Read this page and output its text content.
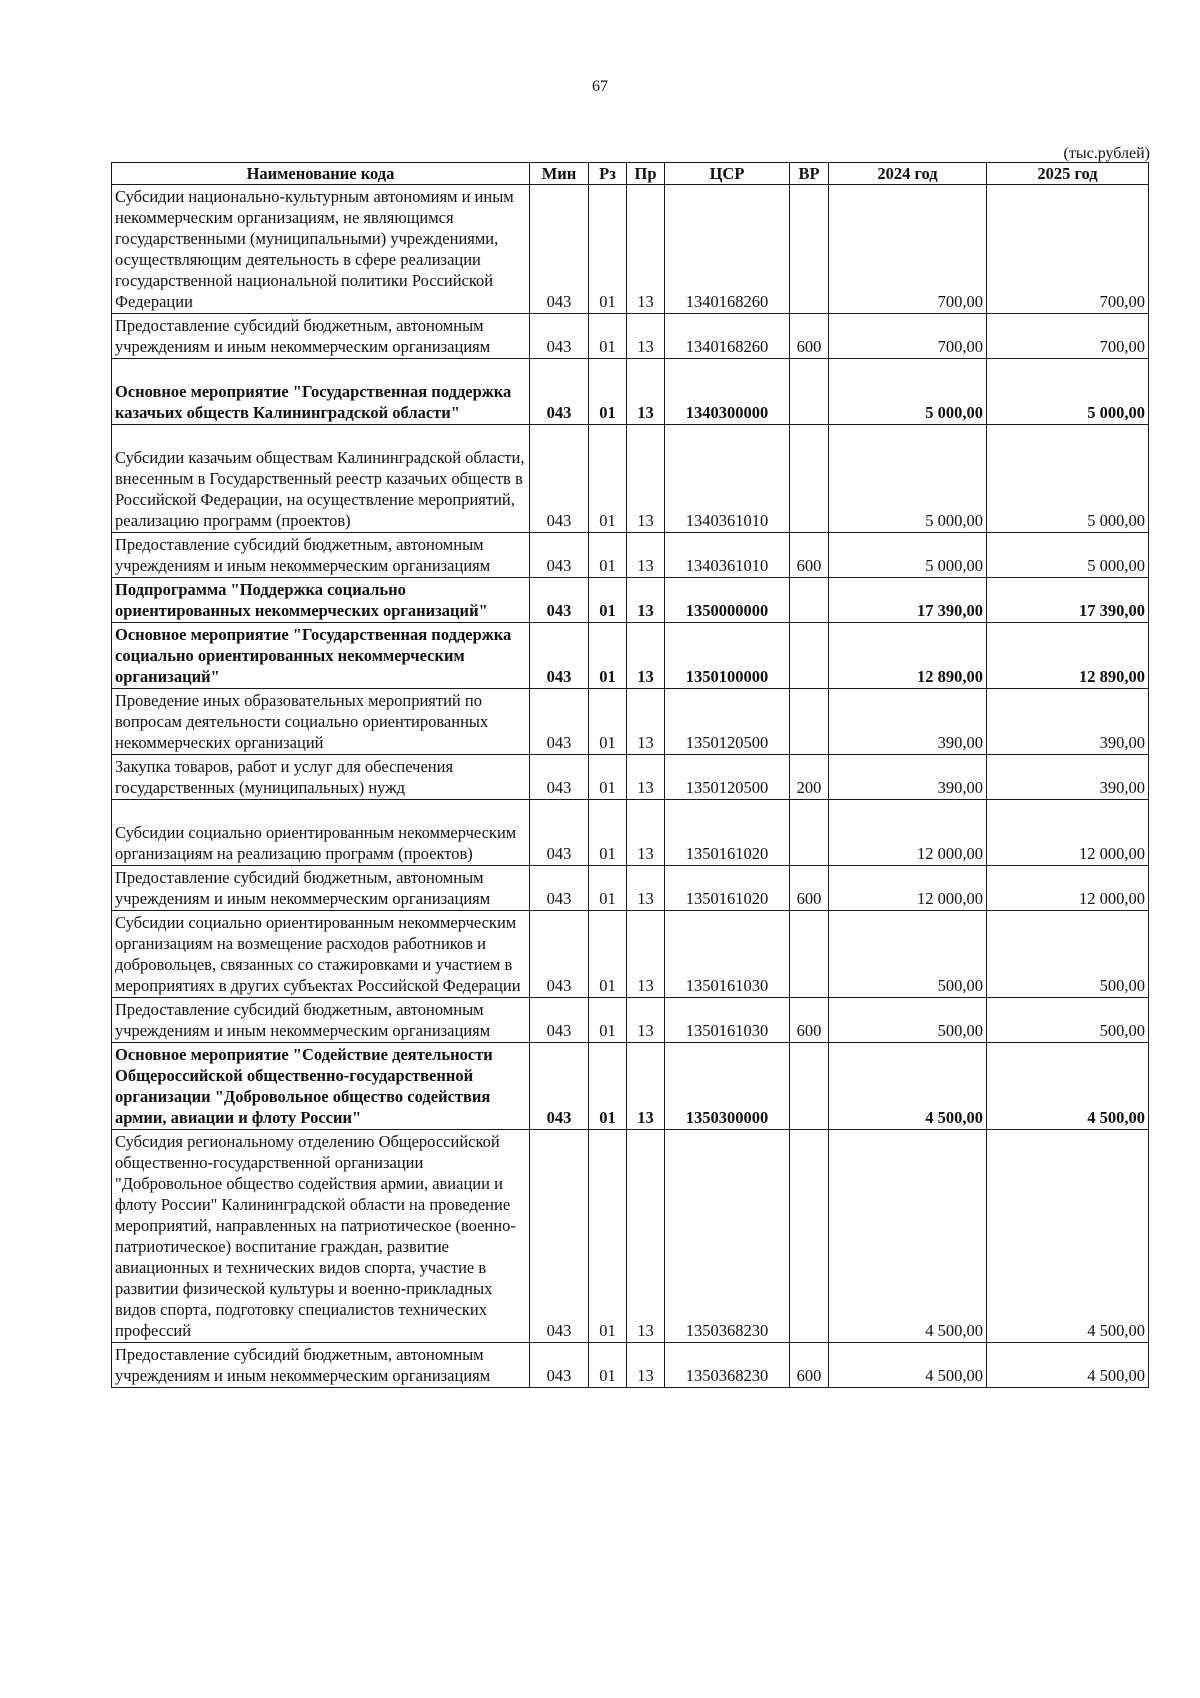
67
(тыс.рублей)
Наименование кода	Мин	Рз	Пр	ЦСР	ВР	2024 год	2025 год
Субсидии национально-культурным автономиям и иным некоммерческим организациям, не являющимся государственными (муниципальными) учреждениями, осуществляющим деятельность в сфере реализации государственной национальной политики Российской Федерации	043	01	13	1340168260		700,00	700,00
Предоставление субсидий бюджетным, автономным учреждениям и иным некоммерческим организациям	043	01	13	1340168260	600	700,00	700,00
Основное мероприятие "Государственная поддержка казачьих обществ Калининградской области"	043	01	13	1340300000		5 000,00	5 000,00
Субсидии казачьим обществам Калининградской области, внесенным в Государственный реестр казачьих обществ в Российской Федерации, на осуществление мероприятий, реализацию программ (проектов)	043	01	13	1340361010		5 000,00	5 000,00
Предоставление субсидий бюджетным, автономным учреждениям и иным некоммерческим организациям	043	01	13	1340361010	600	5 000,00	5 000,00
Подпрограмма "Поддержка социально ориентированных некоммерческих организаций"	043	01	13	1350000000		17 390,00	17 390,00
Основное мероприятие "Государственная поддержка социально ориентированных некоммерческим организаций"	043	01	13	1350100000		12 890,00	12 890,00
Проведение иных образовательных мероприятий по вопросам деятельности социально ориентированных некоммерческих организаций	043	01	13	1350120500		390,00	390,00
Закупка товаров, работ и услуг для обеспечения государственных (муниципальных) нужд	043	01	13	1350120500	200	390,00	390,00
Субсидии социально ориентированным некоммерческим организациям на реализацию программ (проектов)	043	01	13	1350161020		12 000,00	12 000,00
Предоставление субсидий бюджетным, автономным учреждениям и иным некоммерческим организациям	043	01	13	1350161020	600	12 000,00	12 000,00
Субсидии социально ориентированным некоммерческим организациям на возмещение расходов работников и добровольцев, связанных со стажировками и участием в мероприятиях в других субъектах Российской Федерации	043	01	13	1350161030		500,00	500,00
Предоставление субсидий бюджетным, автономным учреждениям и иным некоммерческим организациям	043	01	13	1350161030	600	500,00	500,00
Основное мероприятие "Содействие деятельности Общероссийской общественно-государственной организации "Добровольное общество содействия армии, авиации и флоту России"	043	01	13	1350300000		4 500,00	4 500,00
Субсидия региональному отделению Общероссийской общественно-государственной организации "Добровольное общество содействия армии, авиации и флоту России" Калининградской области на проведение мероприятий, направленных на патриотическое (военно-патриотическое) воспитание граждан, развитие авиационных и технических видов спорта, участие в развитии физической культуры и военно-прикладных видов спорта, подготовку специалистов технических профессий	043	01	13	1350368230		4 500,00	4 500,00
Предоставление субсидий бюджетным, автономным учреждениям и иным некоммерческим организациям	043	01	13	1350368230	600	4 500,00	4 500,00
